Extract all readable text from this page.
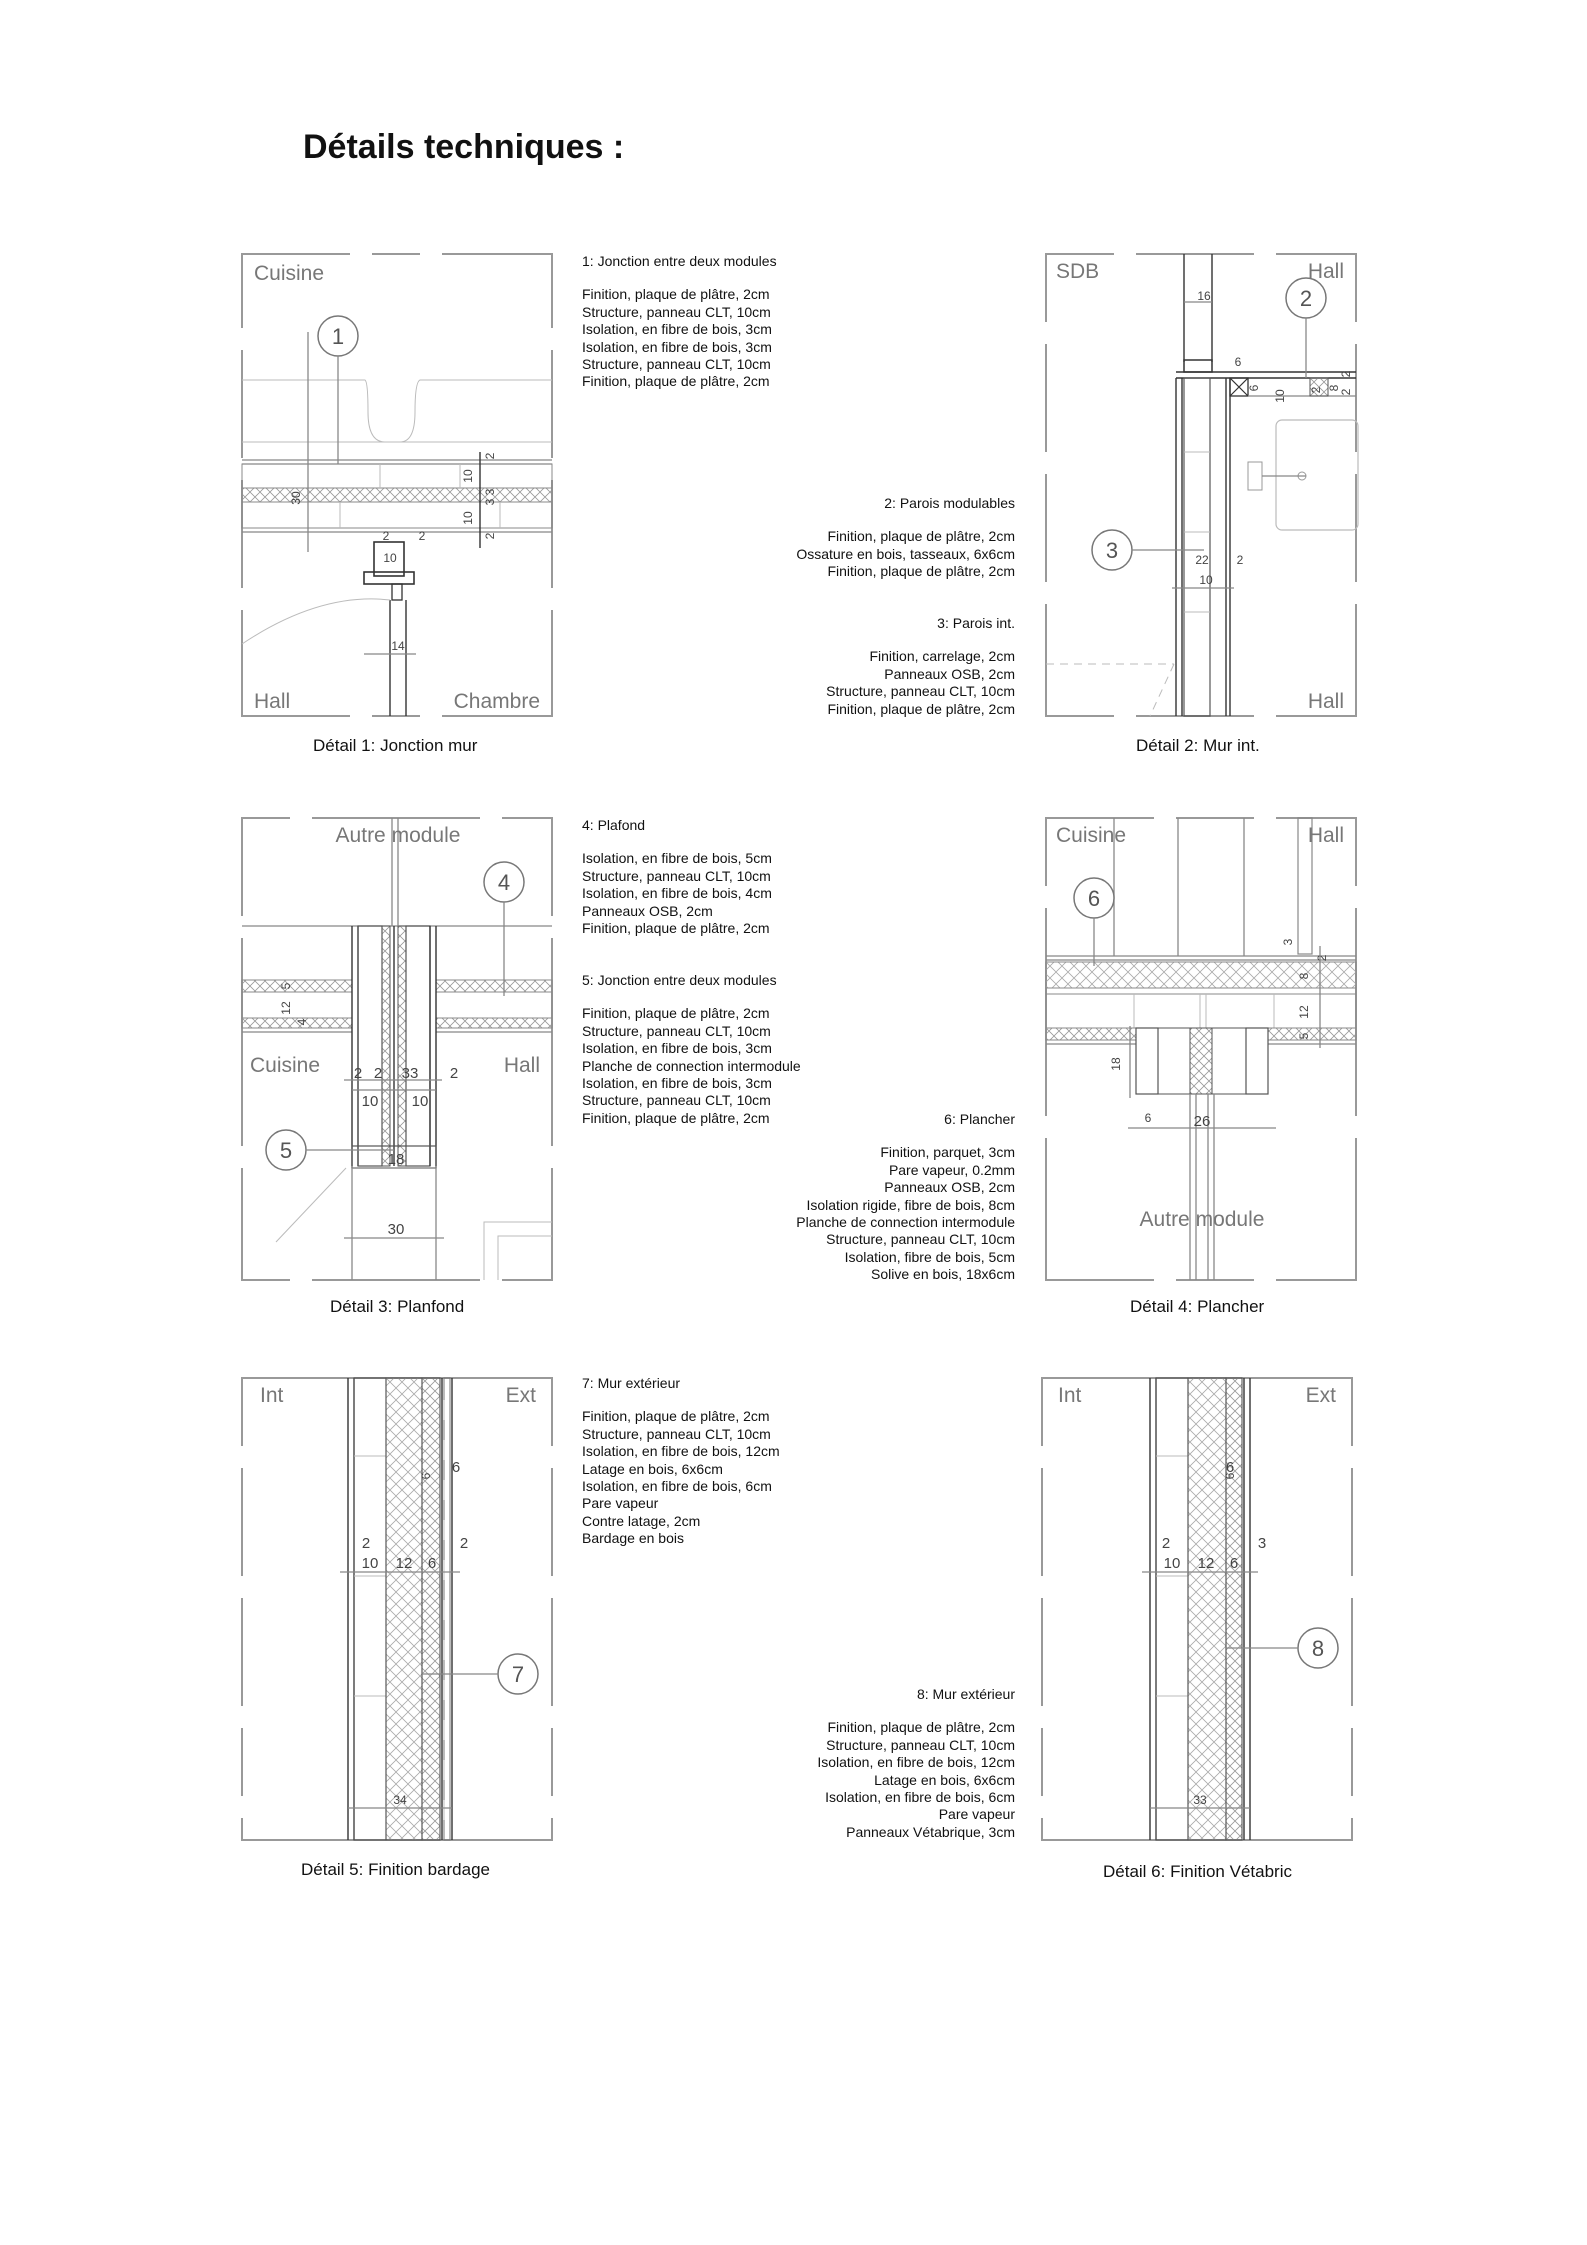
Détails techniques :
1
2
10
3
3
10
2
30
2 2
10
14
Cuisine
Hall	Chambre
16
6
6
10 2 8
2
2
22 2
10
2
3
SDB	Hall
Hall
5
12
4
2 2 33 2
10 10
18
30
4
5
Autre module
Cuisine	Hall
3
2
8
12
5
18
6	26
6
Cuisine	Hall
Autre module
6 6
2	2
10 12 6
34
7
Int	Ext
6
6
2	3
10 12 6
33
8
Int	Ext
Détail 1: Jonction mur	Détail 2: Mur int.
Détail 3: Planfond	Détail 4: Plancher
Détail 5: Finition bardage	Détail 6: Finition Vétabric
1: Jonction entre deux modules
Finition, plaque de plâtre, 2cm
Structure, panneau CLT, 10cm
Isolation, en fibre de bois, 3cm
Isolation, en fibre de bois, 3cm
Structure, panneau CLT, 10cm
Finition, plaque de plâtre, 2cm
2: Parois modulables
Finition, plaque de plâtre, 2cm
Ossature en bois, tasseaux, 6x6cm
Finition, plaque de plâtre, 2cm
3: Parois int.
Finition, carrelage, 2cm
Panneaux OSB, 2cm
Structure, panneau CLT, 10cm
Finition, plaque de plâtre, 2cm
4: Plafond
Isolation, en fibre de bois, 5cm
Structure, panneau CLT, 10cm
Isolation, en fibre de bois, 4cm
Panneaux OSB, 2cm
Finition, plaque de plâtre, 2cm
5: Jonction entre deux modules
Finition, plaque de plâtre, 2cm
Structure, panneau CLT, 10cm
Isolation, en fibre de bois, 3cm
Planche de connection intermodule
Isolation, en fibre de bois, 3cm
Structure, panneau CLT, 10cm
Finition, plaque de plâtre, 2cm	6: Plancher
Finition, parquet, 3cm
Pare vapeur, 0.2mm
Panneaux OSB, 2cm
Isolation rigide, fibre de bois, 8cm
Planche de connection intermodule
Structure, panneau CLT, 10cm
Isolation, fibre de bois, 5cm
Solive en bois, 18x6cm
7: Mur extérieur
Finition, plaque de plâtre, 2cm
Structure, panneau CLT, 10cm
Isolation, en fibre de bois, 12cm
Latage en bois, 6x6cm
Isolation, en fibre de bois, 6cm
Pare vapeur
Contre latage, 2cm
Bardage en bois
8: Mur extérieur
Finition, plaque de plâtre, 2cm
Structure, panneau CLT, 10cm
Isolation, en fibre de bois, 12cm
Latage en bois, 6x6cm
Isolation, en fibre de bois, 6cm
Pare vapeur
Panneaux Vétabrique, 3cm
